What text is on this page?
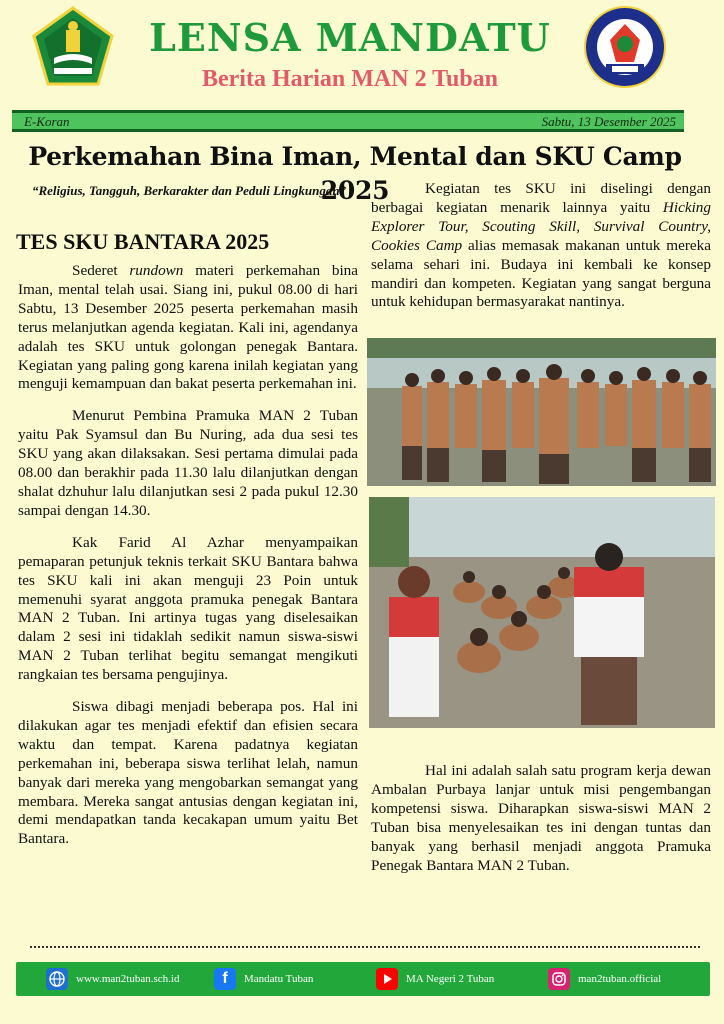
LENSA MANDATU
Berita Harian MAN 2 Tuban
E-Koran	Sabtu, 13 Desember 2025
Perkemahan Bina Iman, Mental dan SKU Camp 2025
“Religius, Tangguh, Berkarakter dan Peduli Lingkungan”
TES SKU BANTARA 2025

Sederet rundown materi perkemahan bina Iman, mental telah usai. Siang ini, pukul 08.00 di hari Sabtu, 13 Desember 2025 peserta perkemahan masih terus melanjutkan agenda kegiatan. Kali ini, agendanya adalah tes SKU untuk golongan penegak Bantara. Kegiatan yang paling gong karena inilah kegiatan yang menguji kemampuan dan bakat peserta perkemahan ini.

Menurut Pembina Pramuka MAN 2 Tuban yaitu Pak Syamsul dan Bu Nuring, ada dua sesi tes SKU yang akan dilaksakan. Sesi pertama dimulai pada 08.00 dan berakhir pada 11.30 lalu dilanjutkan dengan shalat dzhuhur lalu dilanjutkan sesi 2 pada pukul 12.30 sampai dengan 14.30.

Kak Farid Al Azhar menyampaikan pemaparan petunjuk teknis terkait SKU Bantara bahwa tes SKU kali ini akan menguji 23 Poin untuk memenuhi syarat anggota pramuka penegak Bantara MAN 2 Tuban. Ini artinya tugas yang diselesaikan dalam 2 sesi ini tidaklah sedikit namun siswa-siswi MAN 2 Tuban terlihat begitu semangat mengikuti rangkaian tes bersama pengujinya.

Siswa dibagi menjadi beberapa pos. Hal ini dilakukan agar tes menjadi efektif dan efisien secara waktu dan tempat. Karena padatnya kegiatan perkemahan ini, beberapa siswa terlihat lelah, namun banyak dari mereka yang mengobarkan semangat yang membara. Mereka sangat antusias dengan kegiatan ini, demi mendapatkan tanda kecakapan umum yaitu Bet Bantara.

Kegiatan tes SKU ini diselingi dengan berbagai kegiatan menarik lainnya yaitu Hicking Explorer Tour, Scouting Skill, Survival Country, Cookies Camp alias memasak makanan untuk mereka selama sehari ini. Budaya ini kembali ke konsep mandiri dan kompeten. Kegiatan yang sangat berguna untuk kehidupan bermasyarakat nantinya.

Hal ini adalah salah satu program kerja dewan Ambalan Purbaya lanjar untuk misi pengembangan kompetensi siswa. Diharapkan siswa-siswi MAN 2 Tuban bisa menyelesaikan tes ini dengan tuntas dan banyak yang berhasil menjadi anggota Pramuka Penegak Bantara MAN 2 Tuban.

www.man2tuban.sch.id	f Mandatu Tuban	MA Negeri 2 Tuban	man2tuban.official
